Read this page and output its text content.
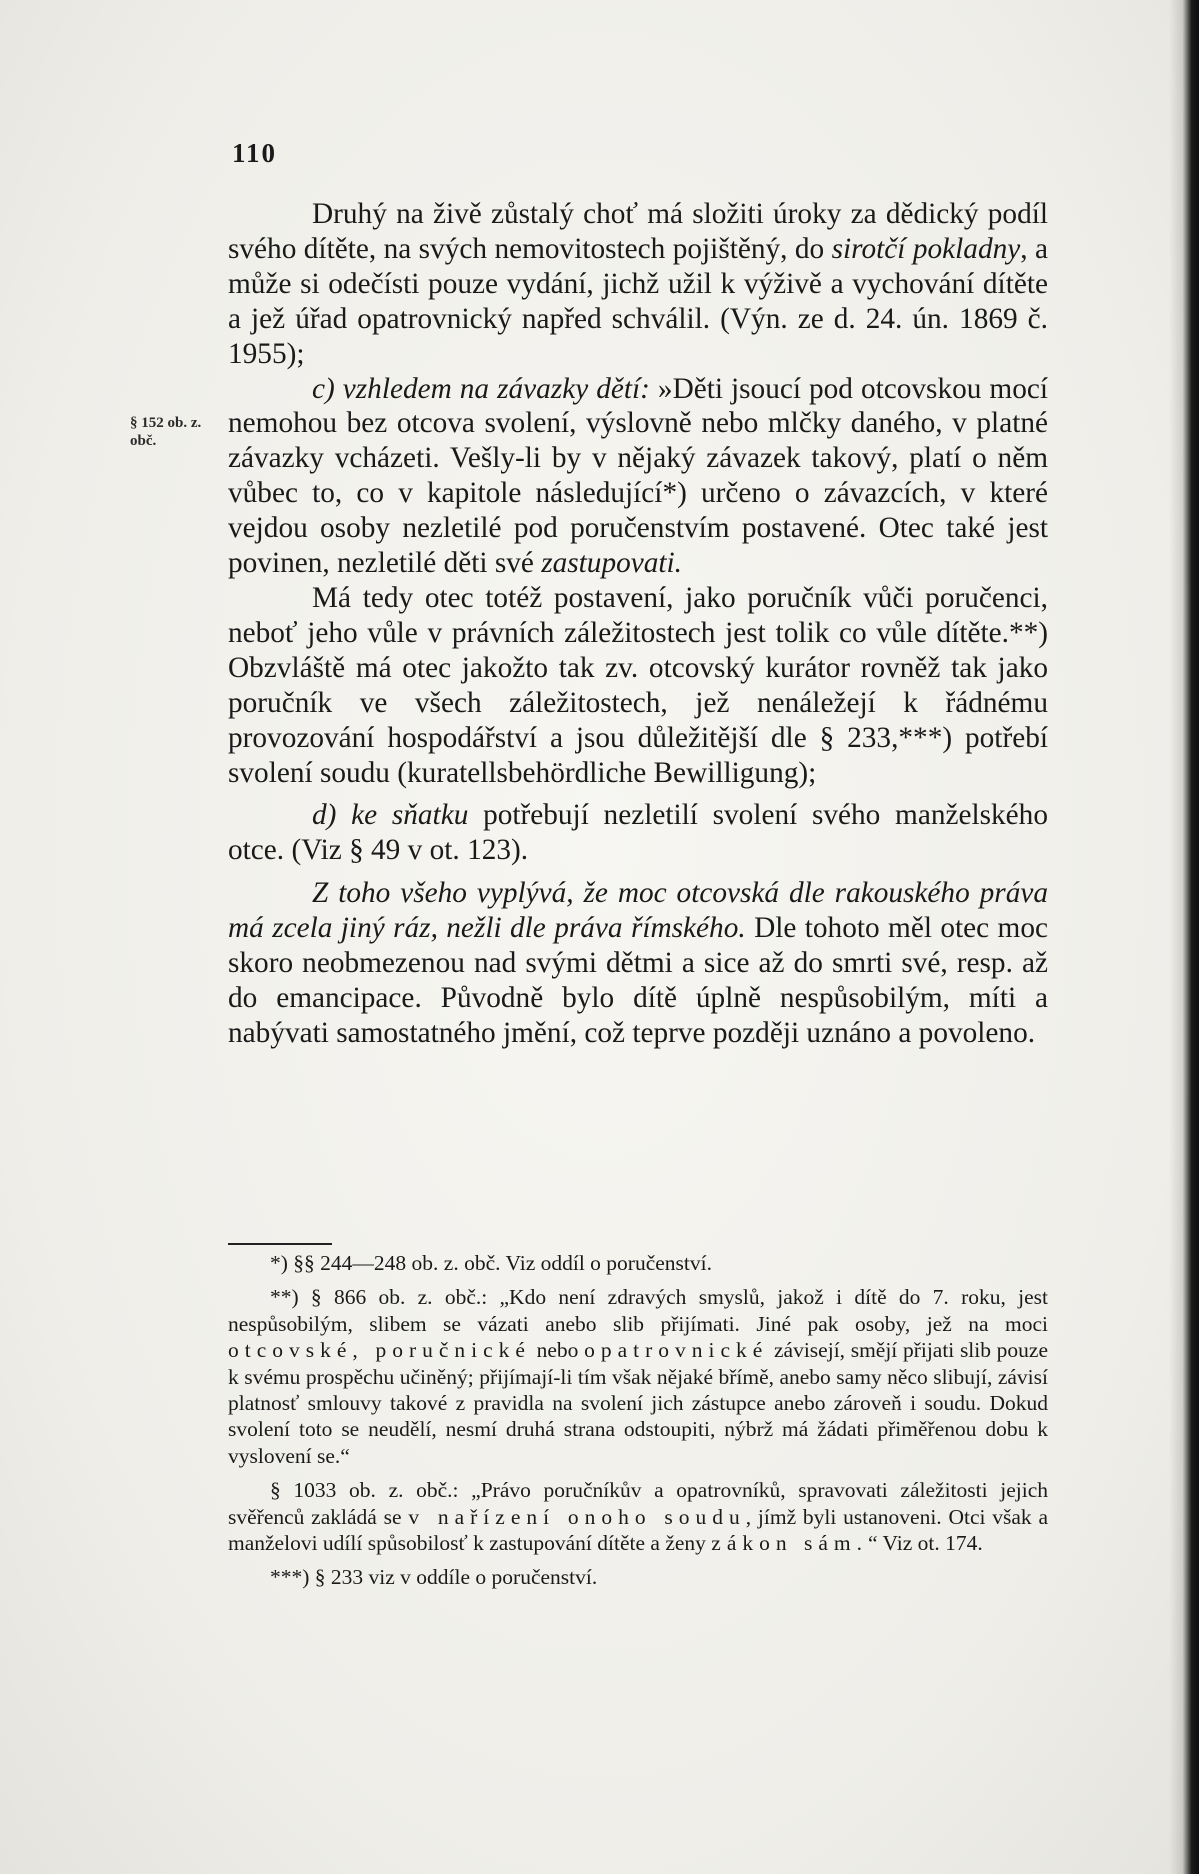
110
§ 152 ob. z. obč.

Druhý na živě zůstalý choť má složiti úroky za dědický podíl svého dítěte, na svých nemovitostech pojištěný, do sirotčí pokladny, a může si odečísti pouze vydání, jichž užil k výživě a vychování dítěte a jež úřad opatrovnický napřed schválil. (Výn. ze d. 24. ún. 1869 č. 1955);

c) vzhledem na závazky dětí: »Děti jsoucí pod otcovskou mocí nemohou bez otcova svolení, výslovně nebo mlčky daného, v platné závazky vcházeti. Vešly-li by v nějaký závazek takový, platí o něm vůbec to, co v kapitole následující*) určeno o závazcích, v které vejdou osoby nezletilé pod poručenstvím postavené. Otec také jest povinen, nezletilé děti své zastupovati.

Má tedy otec totéž postavení, jako poručník vůči poručenci, neboť jeho vůle v právních záležitostech jest tolik co vůle dítěte.**) Obzvláště má otec jakožto tak zv. otcovský kurátor rovněž tak jako poručník ve všech záležitostech, jež nenáležejí k řádnému provozování hospodářství a jsou důležitější dle § 233,***) potřebí svolení soudu (kuratellsbehördliche Bewilligung);

d) ke sňatku potřebují nezletilí svolení svého manželského otce. (Viz § 49 v ot. 123).

Z toho všeho vyplývá, že moc otcovská dle rakouského práva má zcela jiný ráz, nežli dle práva římského. Dle tohoto měl otec moc skoro neobmezenou nad svými dětmi a sice až do smrti své, resp. až do emancipace. Původně bylo dítě úplně nespůsobilým, míti a nabývati samostatného jmění, což teprve později uznáno a povoleno.

*) §§ 244—248 ob. z. obč. Viz oddíl o poručenství.

**) § 866 ob. z. obč.: „Kdo není zdravých smyslů, jakož i dítě do 7. roku, jest nespůsobilým, slibem se vázati anebo slib přijímati. Jiné pak osoby, jež na moci otcovské, poručnické nebo opatrovnické závisejí, smějí přijati slib pouze k svému prospěchu učiněný; přijímají-li tím však nějaké břímě, anebo samy něco slibují, závisí platnosť smlouvy takové z pravidla na svolení jich zástupce anebo zároveň i soudu. Dokud svolení toto se neudělí, nesmí druhá strana odstoupiti, nýbrž má žádati přiměřenou dobu k vyslovení se.“

§ 1033 ob. z. obč.: „Právo poručníkův a opatrovníků, spravovati záležitosti jejich svěřenců zakládá se v nařízení onoho soudu, jímž byli ustanoveni. Otci však a manželovi udílí spůsobilosť k zastupování dítěte a ženy zákon sám.“ Viz ot. 174.

***) § 233 viz v oddíle o poručenství.
